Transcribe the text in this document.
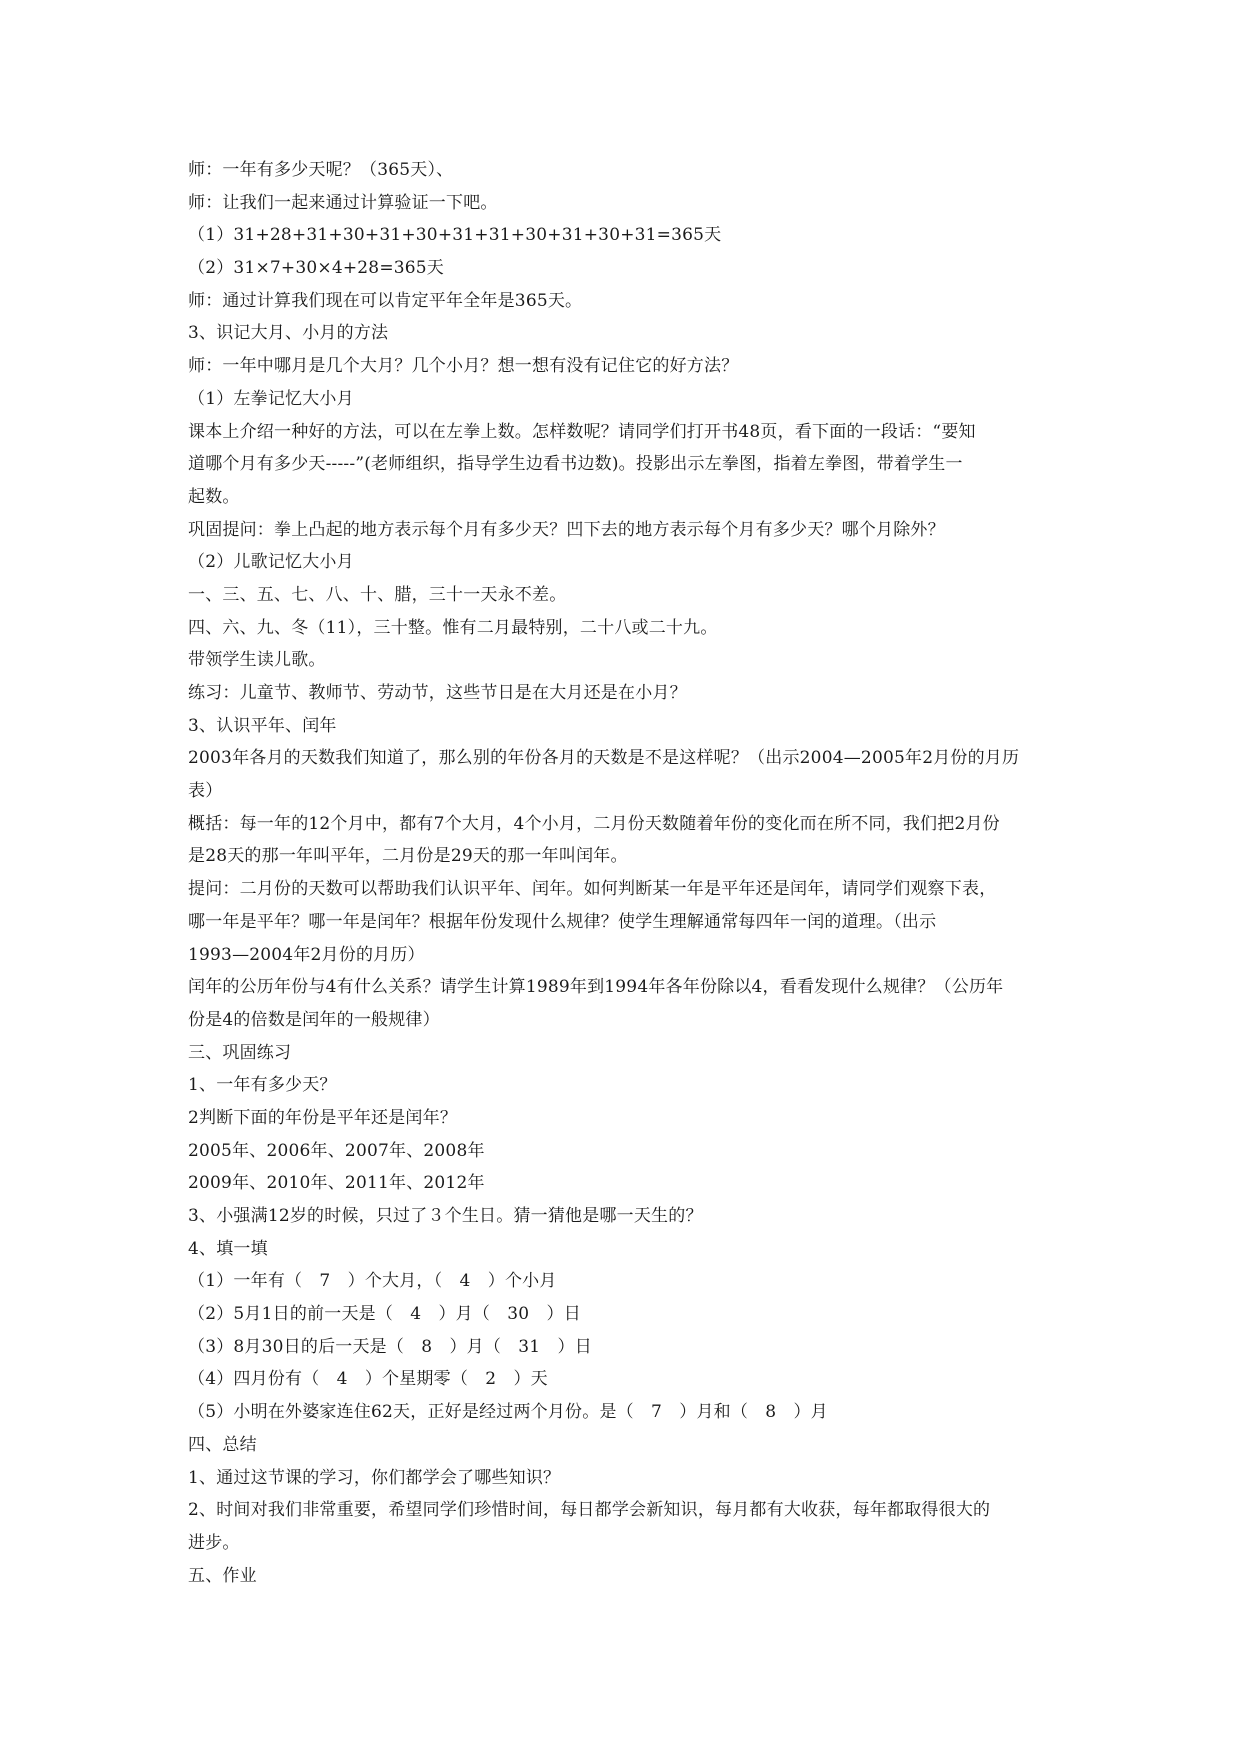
师：一年有多少天呢？（365天）、
师：让我们一起来通过计算验证一下吧。
（1）31+28+31+30+31+30+31+31+30+31+30+31=365天
（2）31×7+30×4+28=365天
师：通过计算我们现在可以肯定平年全年是365天。
3、识记大月、小月的方法
师：一年中哪月是几个大月？几个小月？想一想有没有记住它的好方法？
（1）左拳记忆大小月
课本上介绍一种好的方法，可以在左拳上数。怎样数呢？请同学们打开书48页，看下面的一段话：“要知
道哪个月有多少天-----”(老师组织，指导学生边看书边数)。投影出示左拳图，指着左拳图，带着学生一
起数。
巩固提问：拳上凸起的地方表示每个月有多少天？凹下去的地方表示每个月有多少天？哪个月除外？
（2）儿歌记忆大小月
一、三、五、七、八、十、腊，三十一天永不差。
四、六、九、冬（11），三十整。惟有二月最特别，二十八或二十九。
带领学生读儿歌。
练习：儿童节、教师节、劳动节，这些节日是在大月还是在小月？
3、认识平年、闰年
2003年各月的天数我们知道了，那么别的年份各月的天数是不是这样呢？（出示2004—2005年2月份的月历
表）
概括：每一年的12个月中，都有7个大月，4个小月，二月份天数随着年份的变化而在所不同，我们把2月份
是28天的那一年叫平年，二月份是29天的那一年叫闰年。
提问：二月份的天数可以帮助我们认识平年、闰年。如何判断某一年是平年还是闰年，请同学们观察下表，
哪一年是平年？哪一年是闰年？根据年份发现什么规律？使学生理解通常每四年一闰的道理。（出示
1993—2004年2月份的月历）
闰年的公历年份与4有什么关系？请学生计算1989年到1994年各年份除以4，看看发现什么规律？（公历年
份是4的倍数是闰年的一般规律）
三、巩固练习
1、一年有多少天？
2判断下面的年份是平年还是闰年？
2005年、2006年、2007年、2008年
2009年、2010年、2011年、2012年
3、小强满12岁的时候，只过了３个生日。猜一猜他是哪一天生的？
4、填一填
（1）一年有（　7　）个大月，（　4　）个小月
（2）5月1日的前一天是（　4　）月（　30　）日
（3）8月30日的后一天是（　8　）月（　31　）日
（4）四月份有（　4　）个星期零（　2　）天
（5）小明在外婆家连住62天，正好是经过两个月份。是（　7　）月和（　8　）月
四、总结
1、通过这节课的学习，你们都学会了哪些知识？
2、时间对我们非常重要，希望同学们珍惜时间，每日都学会新知识，每月都有大收获，每年都取得很大的
进步。
五、作业
